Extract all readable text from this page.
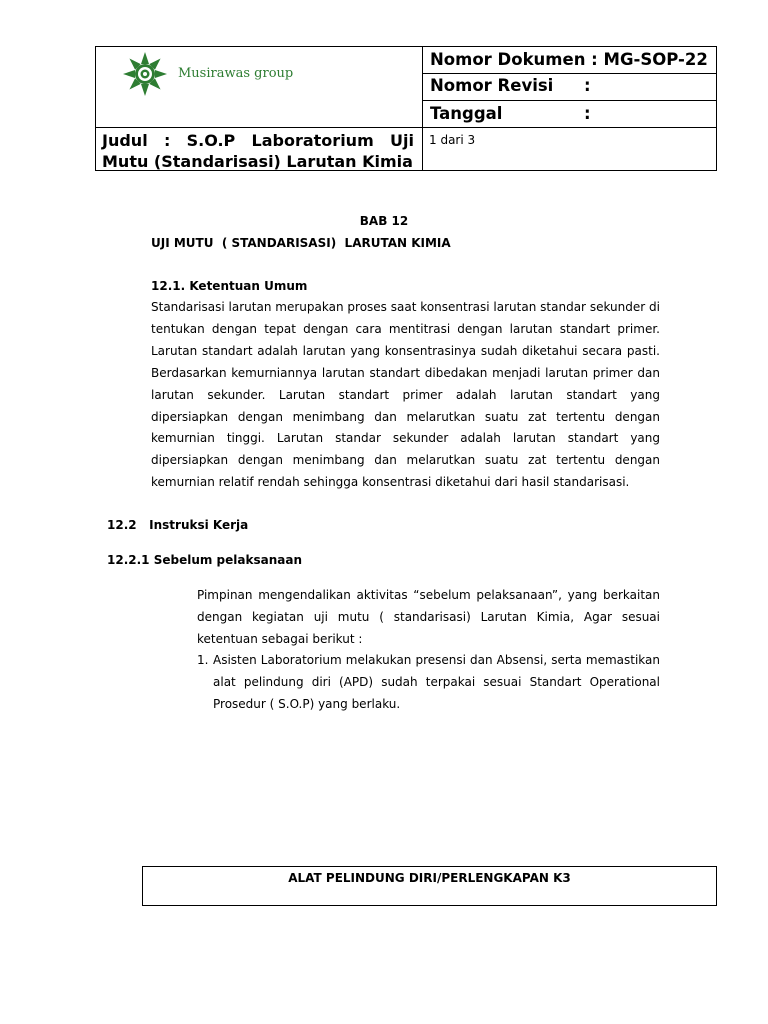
Musirawas group
Nomor Dokumen : MG-SOP-22
Nomor Revisi :
Tanggal	:
Judul : S.O.P Laboratorium Uji
Mutu (Standarisasi) Larutan Kimia
1 dari 3
BAB 12
UJI MUTU  ( STANDARISASI)  LARUTAN KIMIA
12.1. Ketentuan Umum
Standarisasi larutan merupakan proses saat konsentrasi larutan standar sekunder di tentukan dengan tepat dengan cara mentitrasi dengan larutan standart primer. Larutan standart adalah larutan yang konsentrasinya sudah diketahui secara pasti. Berdasarkan kemurniannya larutan standart dibedakan menjadi larutan primer dan larutan sekunder. Larutan standart primer adalah larutan standart yang dipersiapkan dengan menimbang dan melarutkan suatu zat tertentu dengan kemurnian tinggi. Larutan standar sekunder adalah larutan standart yang dipersiapkan dengan menimbang dan melarutkan suatu zat tertentu dengan kemurnian relatif rendah sehingga konsentrasi diketahui dari hasil standarisasi.
12.2   Instruksi Kerja
12.2.1 Sebelum pelaksanaan
Pimpinan mengendalikan aktivitas “sebelum pelaksanaan”, yang berkaitan dengan kegiatan uji mutu ( standarisasi) Larutan Kimia, Agar sesuai ketentuan sebagai berikut :
1. Asisten Laboratorium melakukan presensi dan Absensi, serta memastikan alat pelindung diri (APD) sudah terpakai sesuai Standart Operational Prosedur ( S.O.P) yang berlaku.
ALAT PELINDUNG DIRI/PERLENGKAPAN K3
